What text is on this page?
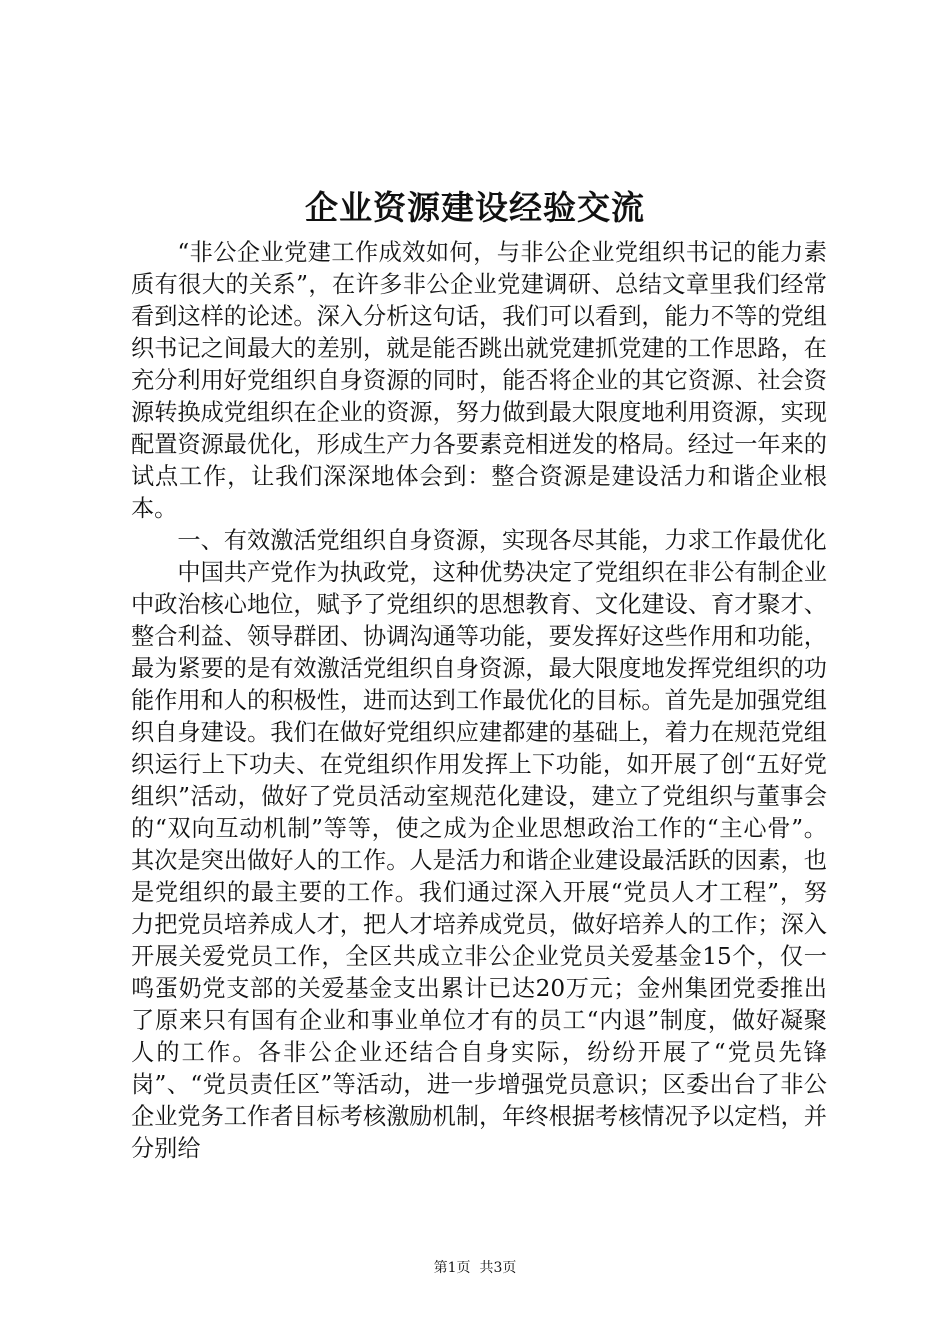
企业资源建设经验交流

“非公企业党建工作成效如何，与非公企业党组织书记的能力素质有很大的关系”，在许多非公企业党建调研、总结文章里我们经常看到这样的论述。深入分析这句话，我们可以看到，能力不等的党组织书记之间最大的差别，就是能否跳出就党建抓党建的工作思路，在充分利用好党组织自身资源的同时，能否将企业的其它资源、社会资源转换成党组织在企业的资源，努力做到最大限度地利用资源，实现配置资源最优化，形成生产力各要素竞相迸发的格局。经过一年来的试点工作，让我们深深地体会到：整合资源是建设活力和谐企业根本。

一、有效激活党组织自身资源，实现各尽其能，力求工作最优化

中国共产党作为执政党，这种优势决定了党组织在非公有制企业中政治核心地位，赋予了党组织的思想教育、文化建设、育才聚才、整合利益、领导群团、协调沟通等功能，要发挥好这些作用和功能，最为紧要的是有效激活党组织自身资源，最大限度地发挥党组织的功能作用和人的积极性，进而达到工作最优化的目标。首先是加强党组织自身建设。我们在做好党组织应建都建的基础上，着力在规范党组织运行上下功夫、在党组织作用发挥上下功能，如开展了创“五好党组织”活动，做好了党员活动室规范化建设，建立了党组织与董事会的“双向互动机制”等等，使之成为企业思想政治工作的“主心骨”。其次是突出做好人的工作。人是活力和谐企业建设最活跃的因素，也是党组织的最主要的工作。我们通过深入开展“党员人才工程”，努力把党员培养成人才，把人才培养成党员，做好培养人的工作；深入开展关爱党员工作，全区共成立非公企业党员关爱基金15个，仅一鸣蛋奶党支部的关爱基金支出累计已达20万元；金州集团党委推出了原来只有国有企业和事业单位才有的员工“内退”制度，做好凝聚人的工作。各非公企业还结合自身实际，纷纷开展了“党员先锋岗”、“党员责任区”等活动，进一步增强党员意识；区委出台了非公企业党务工作者目标考核激励机制，年终根据考核情况予以定档，并分别给

第1页 共3页
